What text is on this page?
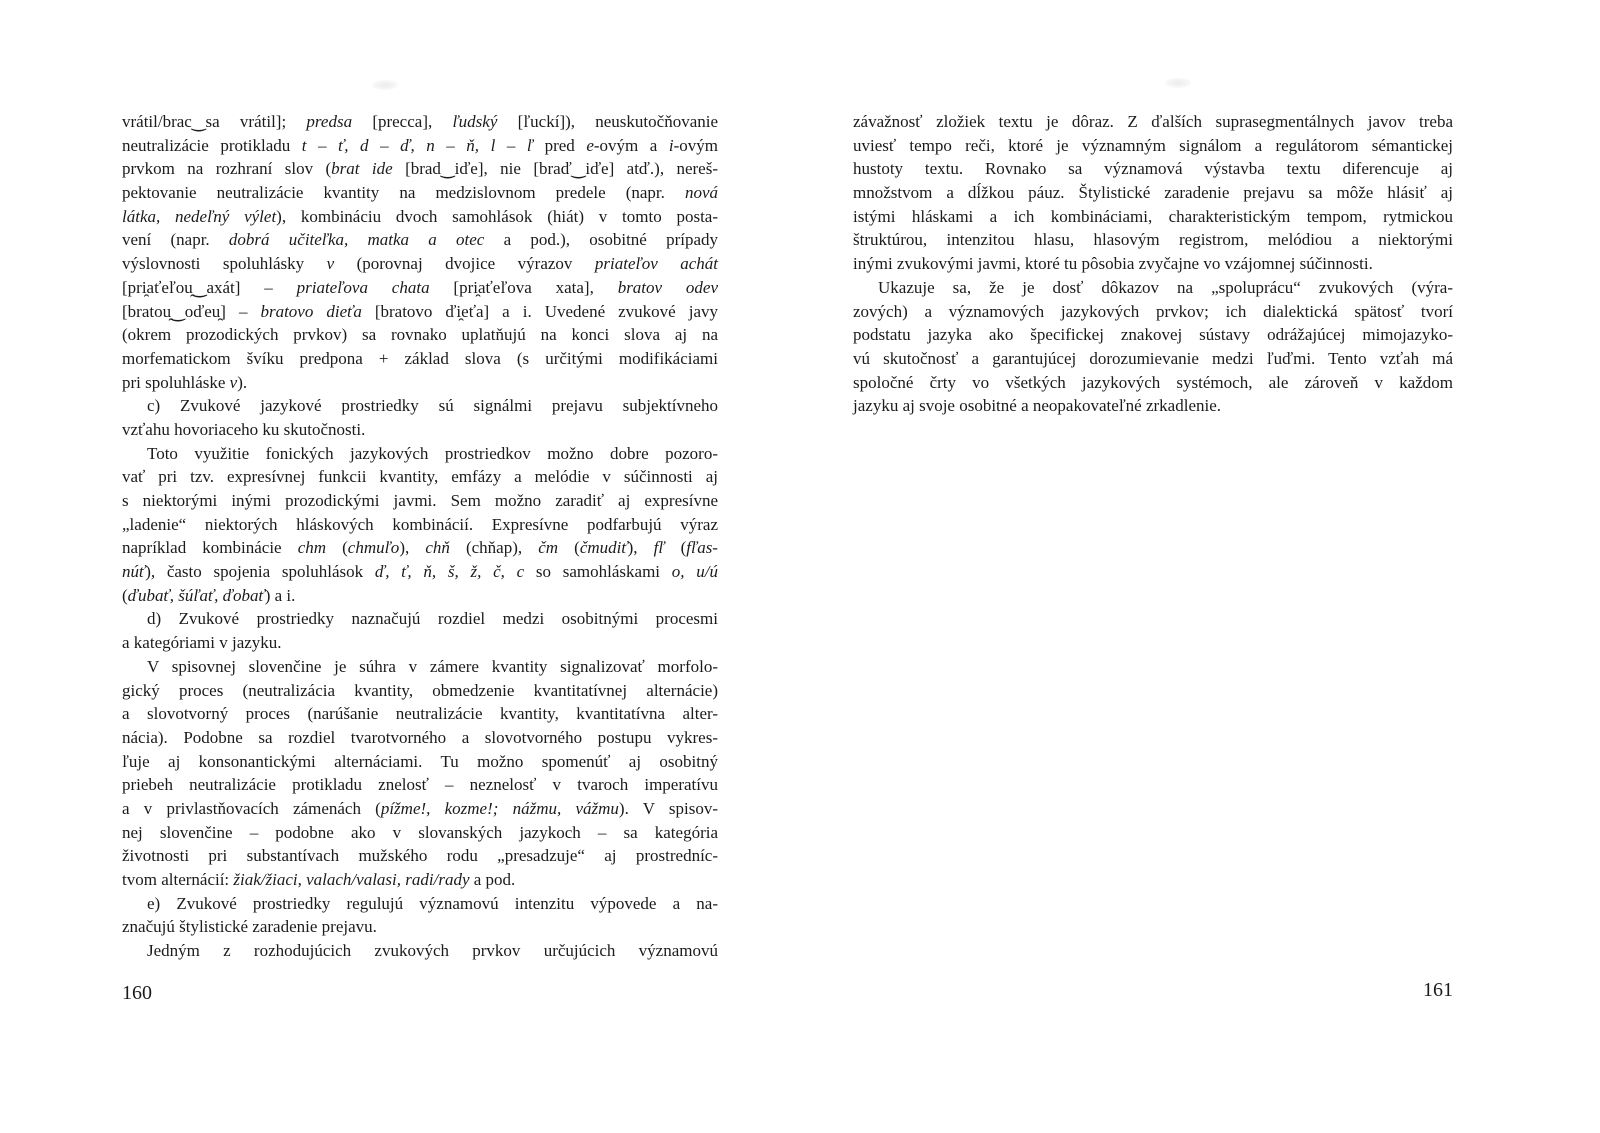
vrátil/brac‿sa vrátil]; predsa [precca], ľudský [ľuckí]), neuskutočňovanie
neutralizácie protikladu t – ť, d – ď, n – ň, l – ľ pred e-ovým a i-ovým
prvkom na rozhraní slov (brat ide [brad‿iďe], nie [braď‿iďe] atď.), nereš-
pektovanie neutralizácie kvantity na medzislovnom predele (napr. nová
látka, nedeľný výlet), kombináciu dvoch samohlások (hiát) v tomto posta-
vení (napr. dobrá učiteľka, matka a otec a pod.), osobitné prípady
výslovnosti spoluhlásky v (porovnaj dvojice výrazov priateľov achát
[pri̯aťeľou̯‿axát] – priateľova chata [pri̯aťeľova xata], bratov odev
[bratou̯‿oďeu̯] – bratovo dieťa [bratovo ďi̯eťa] a i. Uvedené zvukové javy
(okrem prozodických prvkov) sa rovnako uplatňujú na konci slova aj na
morfematickom švíku predpona + základ slova (s určitými modifikáciami
pri spoluhláske v).
c) Zvukové jazykové prostriedky sú signálmi prejavu subjektívneho
vzťahu hovoriaceho ku skutočnosti.
Toto využitie fonických jazykových prostriedkov možno dobre pozoro-
vať pri tzv. expresívnej funkcii kvantity, emfázy a melódie v súčinnosti aj
s niektorými inými prozodickými javmi. Sem možno zaradiť aj expresívne
„ladenie“ niektorých hláskových kombinácií. Expresívne podfarbujú výraz
napríklad kombinácie chm (chmuľo), chň (chňap), čm (čmudiť), fľ (fľas-
núť), často spojenia spoluhlások ď, ť, ň, š, ž, č, c so samohláskami o, u/ú
(ďubať, šúľať, ďobať) a i.
d) Zvukové prostriedky naznačujú rozdiel medzi osobitnými procesmi
a kategóriami v jazyku.
V spisovnej slovenčine je súhra v zámere kvantity signalizovať morfolo-
gický proces (neutralizácia kvantity, obmedzenie kvantitatívnej alternácie)
a slovotvorný proces (narúšanie neutralizácie kvantity, kvantitatívna alter-
nácia). Podobne sa rozdiel tvarotvorného a slovotvorného postupu vykres-
ľuje aj konsonantickými alternáciami. Tu možno spomenúť aj osobitný
priebeh neutralizácie protikladu znelosť – neznelosť v tvaroch imperatívu
a v privlastňovacích zámenách (pížme!, kozme!; nážmu, vážmu). V spisov-
nej slovenčine – podobne ako v slovanských jazykoch – sa kategória
životnosti pri substantívach mužského rodu „presadzuje“ aj prostredníc-
tvom alternácií: žiak/žiaci, valach/valasi, radi/rady a pod.
e) Zvukové prostriedky regulujú významovú intenzitu výpovede a na-
značujú štylistické zaradenie prejavu.
Jedným z rozhodujúcich zvukových prvkov určujúcich významovú
160
závažnosť zložiek textu je dôraz. Z ďalších suprasegmentálnych javov treba
uviesť tempo reči, ktoré je významným signálom a regulátorom sémantickej
hustoty textu. Rovnako sa významová výstavba textu diferencuje aj
množstvom a dĺžkou páuz. Štylistické zaradenie prejavu sa môže hlásiť aj
istými hláskami a ich kombináciami, charakteristickým tempom, rytmickou
štruktúrou, intenzitou hlasu, hlasovým registrom, melódiou a niektorými
inými zvukovými javmi, ktoré tu pôsobia zvyčajne vo vzájomnej súčinnosti.
Ukazuje sa, že je dosť dôkazov na „spoluprácu“ zvukových (výra-
zových) a významových jazykových prvkov; ich dialektická spätosť tvorí
podstatu jazyka ako špecifickej znakovej sústavy odrážajúcej mimojazyko-
vú skutočnosť a garantujúcej dorozumievanie medzi ľuďmi. Tento vzťah má
spoločné črty vo všetkých jazykových systémoch, ale zároveň v každom
jazyku aj svoje osobitné a neopakovateľné zrkadlenie.
161
